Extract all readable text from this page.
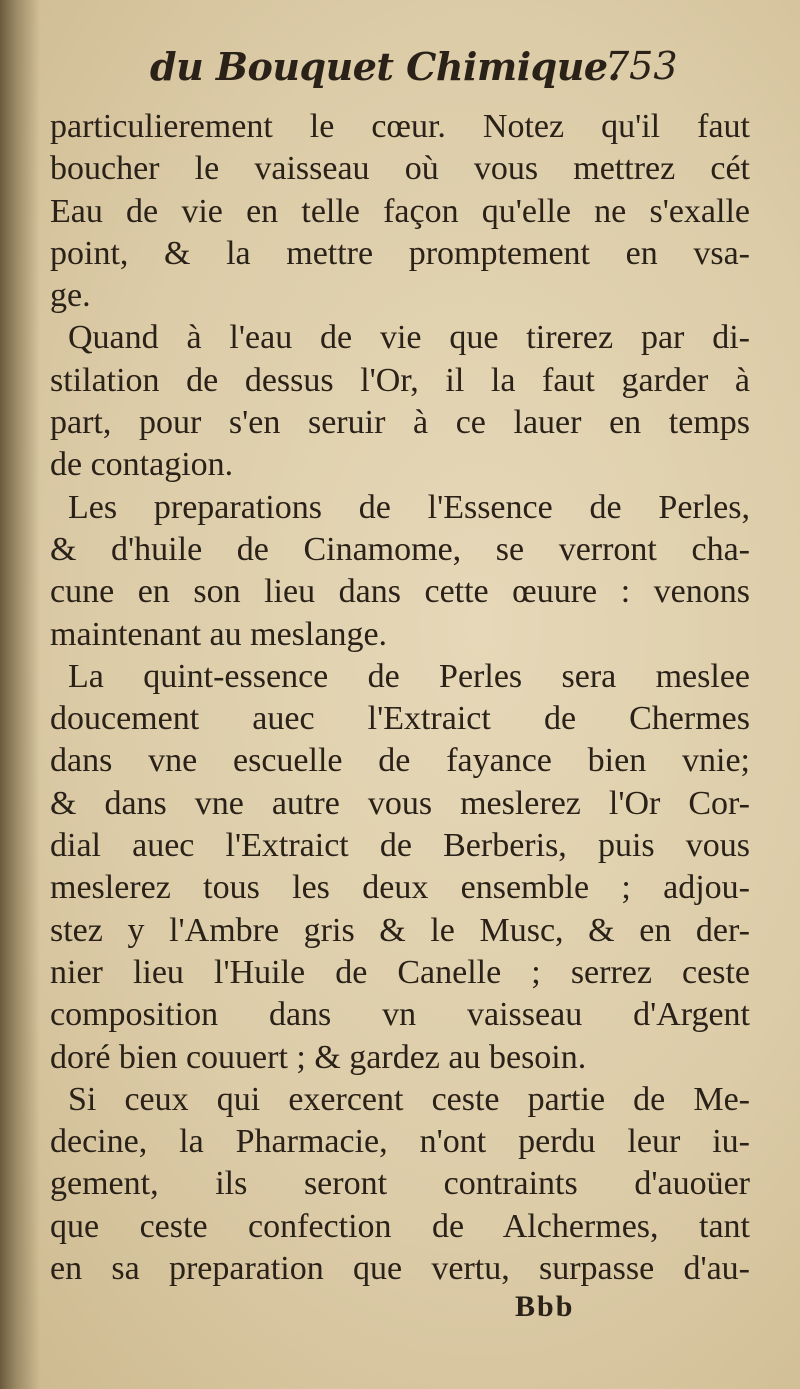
du Bouquet Chimique.
753
particulierement le cœur. Notez qu'il faut
boucher le vaisseau où vous mettrez cét
Eau de vie en telle façon qu'elle ne s'exalle
point, & la mettre promptement en vsa-
ge.
Quand à l'eau de vie que tirerez par di-
stilation de dessus l'Or, il la faut garder à
part, pour s'en seruir à ce lauer en temps
de contagion.
Les preparations de l'Essence de Perles,
& d'huile de Cinamome, se verront cha-
cune en son lieu dans cette œuure : venons
maintenant au meslange.
La quint-essence de Perles sera meslee
doucement auec l'Extraict de Chermes
dans vne escuelle de fayance bien vnie;
& dans vne autre vous meslerez l'Or Cor-
dial auec l'Extraict de Berberis, puis vous
meslerez tous les deux ensemble ; adjou-
stez y l'Ambre gris & le Musc, & en der-
nier lieu l'Huile de Canelle ; serrez ceste
composition dans vn vaisseau d'Argent
doré bien couuert ; & gardez au besoin.
Si ceux qui exercent ceste partie de Me-
decine, la Pharmacie, n'ont perdu leur iu-
gement, ils seront contraints d'auoüer
que ceste confection de Alchermes, tant
en sa preparation que vertu, surpasse d'au-
Bbb
